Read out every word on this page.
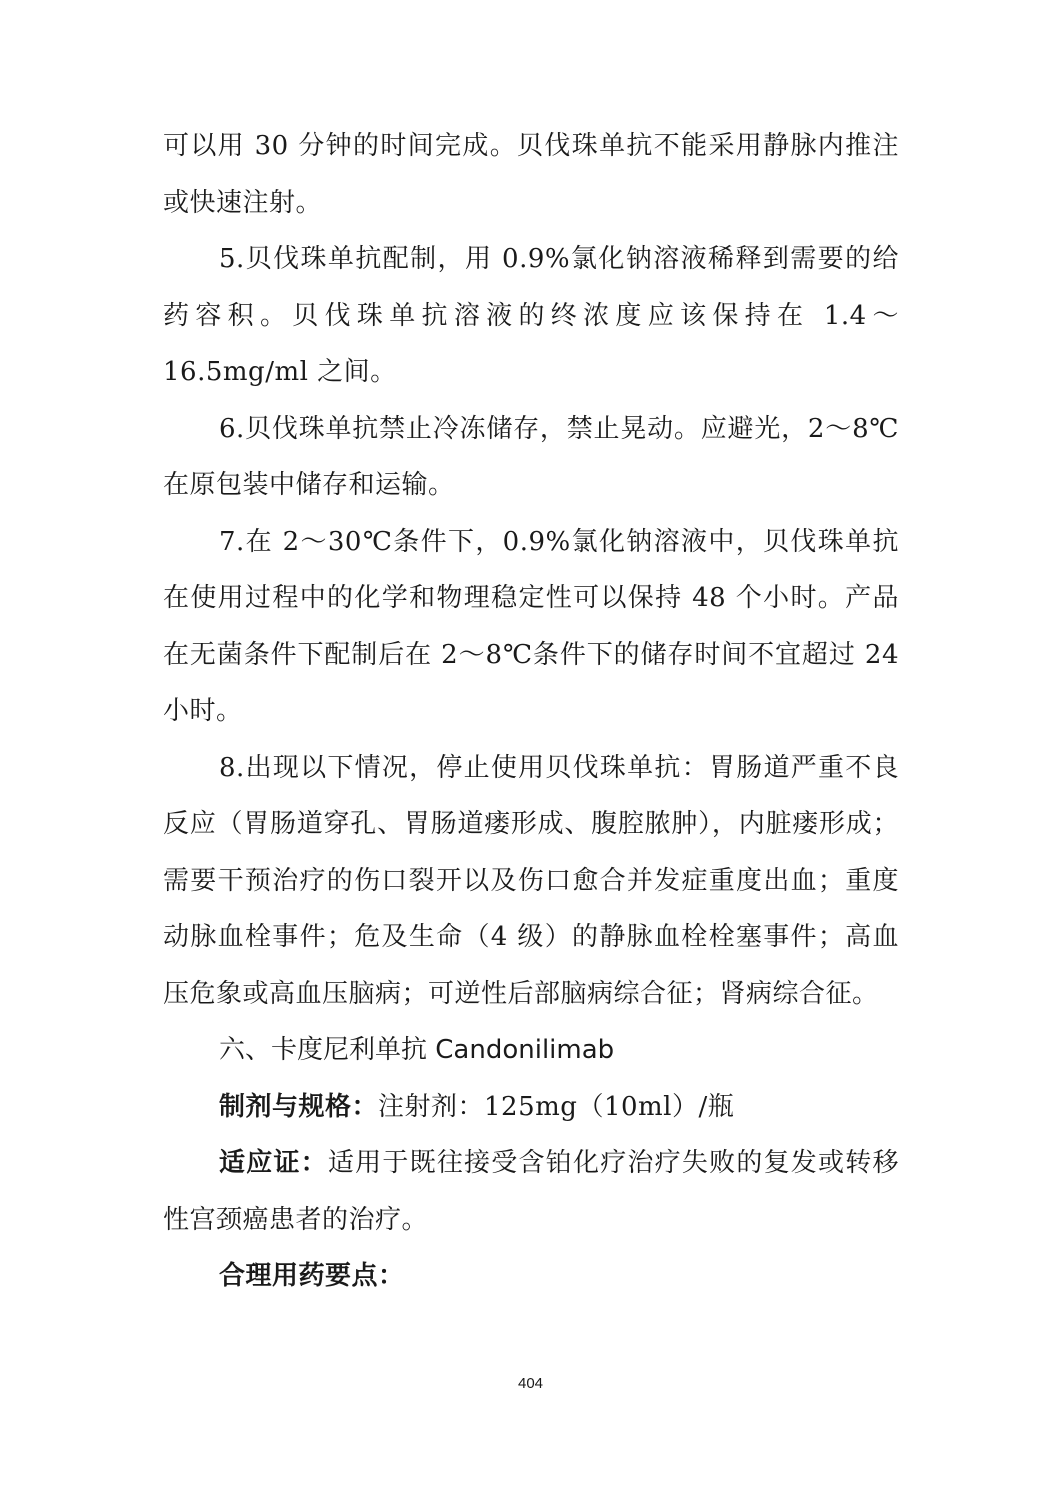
可以用 30 分钟的时间完成。贝伐珠单抗不能采用静脉内推注或快速注射。

5.贝伐珠单抗配制，用 0.9%氯化钠溶液稀释到需要的给药容积。贝伐珠单抗溶液的终浓度应该保持在 1.4～16.5mg/ml 之间。

6.贝伐珠单抗禁止冷冻储存，禁止晃动。应避光，2～8℃在原包装中储存和运输。

7.在 2～30℃条件下，0.9%氯化钠溶液中，贝伐珠单抗在使用过程中的化学和物理稳定性可以保持 48 个小时。产品在无菌条件下配制后在 2～8℃条件下的储存时间不宜超过 24 小时。

8.出现以下情况，停止使用贝伐珠单抗：胃肠道严重不良反应（胃肠道穿孔、胃肠道瘘形成、腹腔脓肿），内脏瘘形成；需要干预治疗的伤口裂开以及伤口愈合并发症重度出血；重度动脉血栓事件；危及生命（4 级）的静脉血栓栓塞事件；高血压危象或高血压脑病；可逆性后部脑病综合征；肾病综合征。

六、卡度尼利单抗 Candonilimab

制剂与规格：注射剂：125mg（10ml）/瓶

适应证：适用于既往接受含铂化疗治疗失败的复发或转移性宫颈癌患者的治疗。

合理用药要点：

404
